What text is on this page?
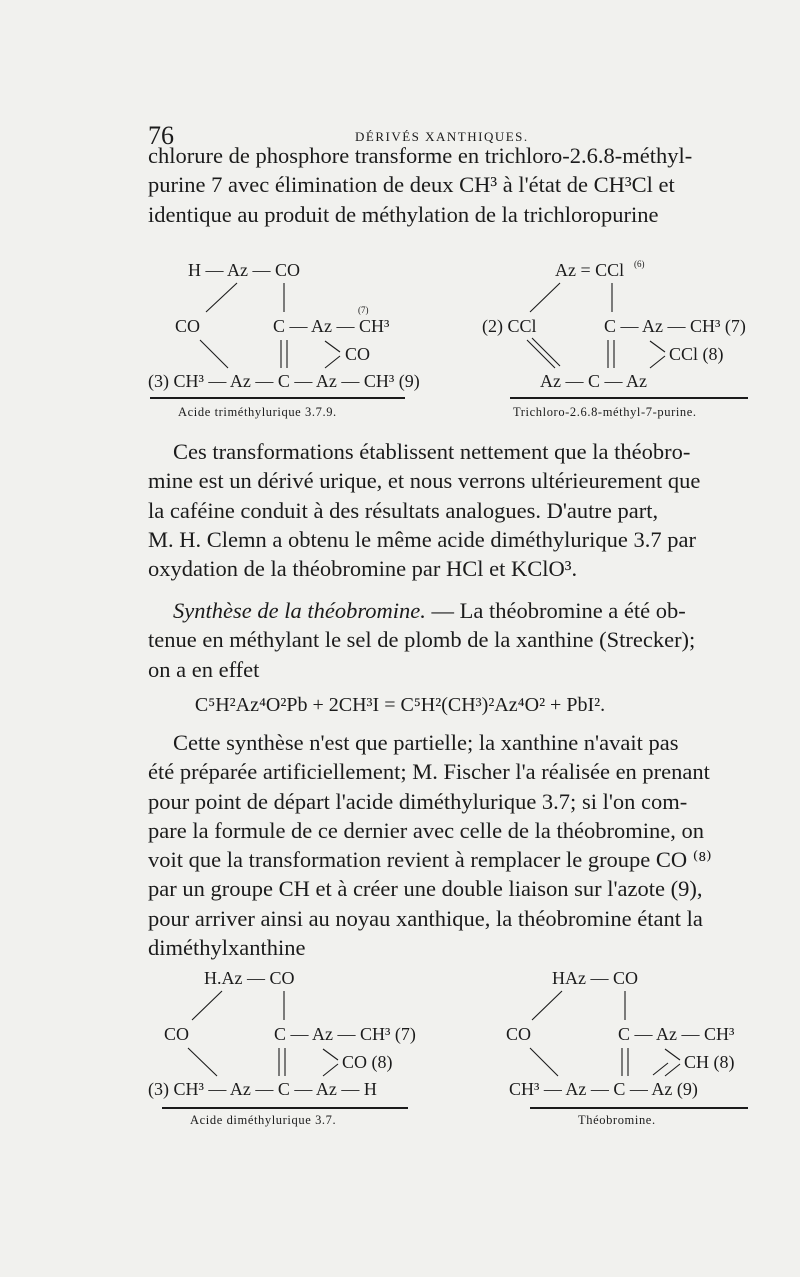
76	DÉRIVÉS XANTHIQUES.
chlorure de phosphore transforme en trichloro-2.6.8-méthyl-
purine 7 avec élimination de deux CH³ à l'état de CH³Cl et
identique au produit de méthylation de la trichloropurine
H — Az — CO
CO	C — Az — CH³
(7)
CO
(3) CH³ — Az — C — Az — CH³ (9)
Acide triméthylurique 3.7.9.
Az = CCl (6)
(2) CCl	C — Az — CH³ (7)
CCl (8)
Az — C — Az
Trichloro-2.6.8-méthyl-7-purine.
Ces transformations établissent nettement que la théobro-
mine est un dérivé urique, et nous verrons ultérieurement que
la caféine conduit à des résultats analogues. D'autre part,
M. H. Clemn a obtenu le même acide diméthylurique 3.7 par
oxydation de la théobromine par HCl et KClO³.
Synthèse de la théobromine. — La théobromine a été ob-
tenue en méthylant le sel de plomb de la xanthine (Strecker);
on a en effet
C⁵H²Az⁴O²Pb + 2CH³I = C⁵H²(CH³)²Az⁴O² + PbI².
Cette synthèse n'est que partielle; la xanthine n'avait pas
été préparée artificiellement; M. Fischer l'a réalisée en prenant
pour point de départ l'acide diméthylurique 3.7; si l'on com-
pare la formule de ce dernier avec celle de la théobromine, on
voit que la transformation revient à remplacer le groupe CO ⁽⁸⁾
par un groupe CH et à créer une double liaison sur l'azote (9),
pour arriver ainsi au noyau xanthique, la théobromine étant la
diméthylxanthine
H.Az — CO
CO	C — Az — CH³ (7)
CO (8)
(3) CH³ — Az — C — Az — H
Acide diméthylurique 3.7.
HAz — CO
CO	C — Az — CH³
CH (8)
CH³ — Az — C — Az (9)
Théobromine.
